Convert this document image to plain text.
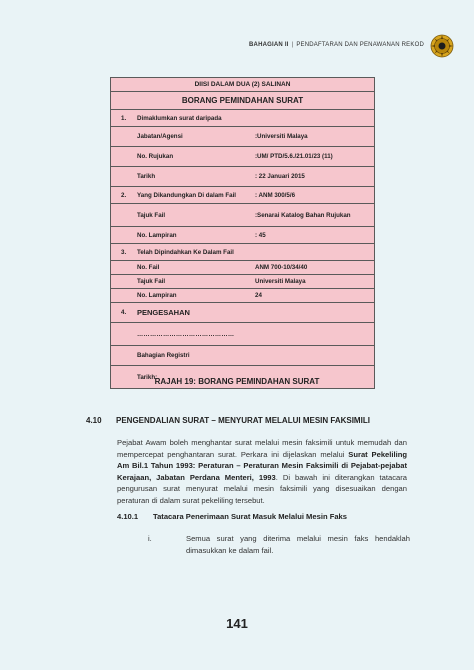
BAHAGIAN II | PENDAFTARAN DAN PENAWANAN REKOD
DIISI DALAM DUA (2) SALINAN
BORANG PEMINDAHAN SURAT
1.	Dimaklumkan surat daripada
Jabatan/Agensi	:Universiti Malaya
No. Rujukan	:UM/ PTD/5.6./21.01/23 (11)
Tarikh	: 22 Januari 2015
2.	Yang Dikandungkan Di dalam Fail	: ANM 300/5/6
Tajuk Fail	:Senarai Katalog Bahan Rujukan
No. Lampiran	: 45
3.	Telah Dipindahkan Ke Dalam Fail
No. Fail	ANM 700-10/34/40
Tajuk Fail	Universiti Malaya
No. Lampiran	24
4.	PENGESAHAN
………………………………………
Bahagian Registri
Tarikh:
RAJAH 19: BORANG PEMINDAHAN SURAT
4.10 PENGENDALIAN SURAT – MENYURAT MELALUI MESIN FAKSIMILI
Pejabat Awam boleh menghantar surat melalui mesin faksimili untuk memudah dan mempercepat penghantaran surat. Perkara ini dijelaskan melalui Surat Pekeliling Am Bil.1 Tahun 1993: Peraturan – Peraturan Mesin Faksimili di Pejabat-pejabat Kerajaan, Jabatan Perdana Menteri, 1993. Di bawah ini diterangkan tatacara pengurusan surat menyurat melalui mesin faksimili yang disesuaikan dengan peraturan di dalam surat pekeliling tersebut.
4.10.1 Tatacara Penerimaan Surat Masuk Melalui Mesin Faks
i.	Semua surat yang diterima melalui mesin faks hendaklah dimasukkan ke dalam fail.
141
